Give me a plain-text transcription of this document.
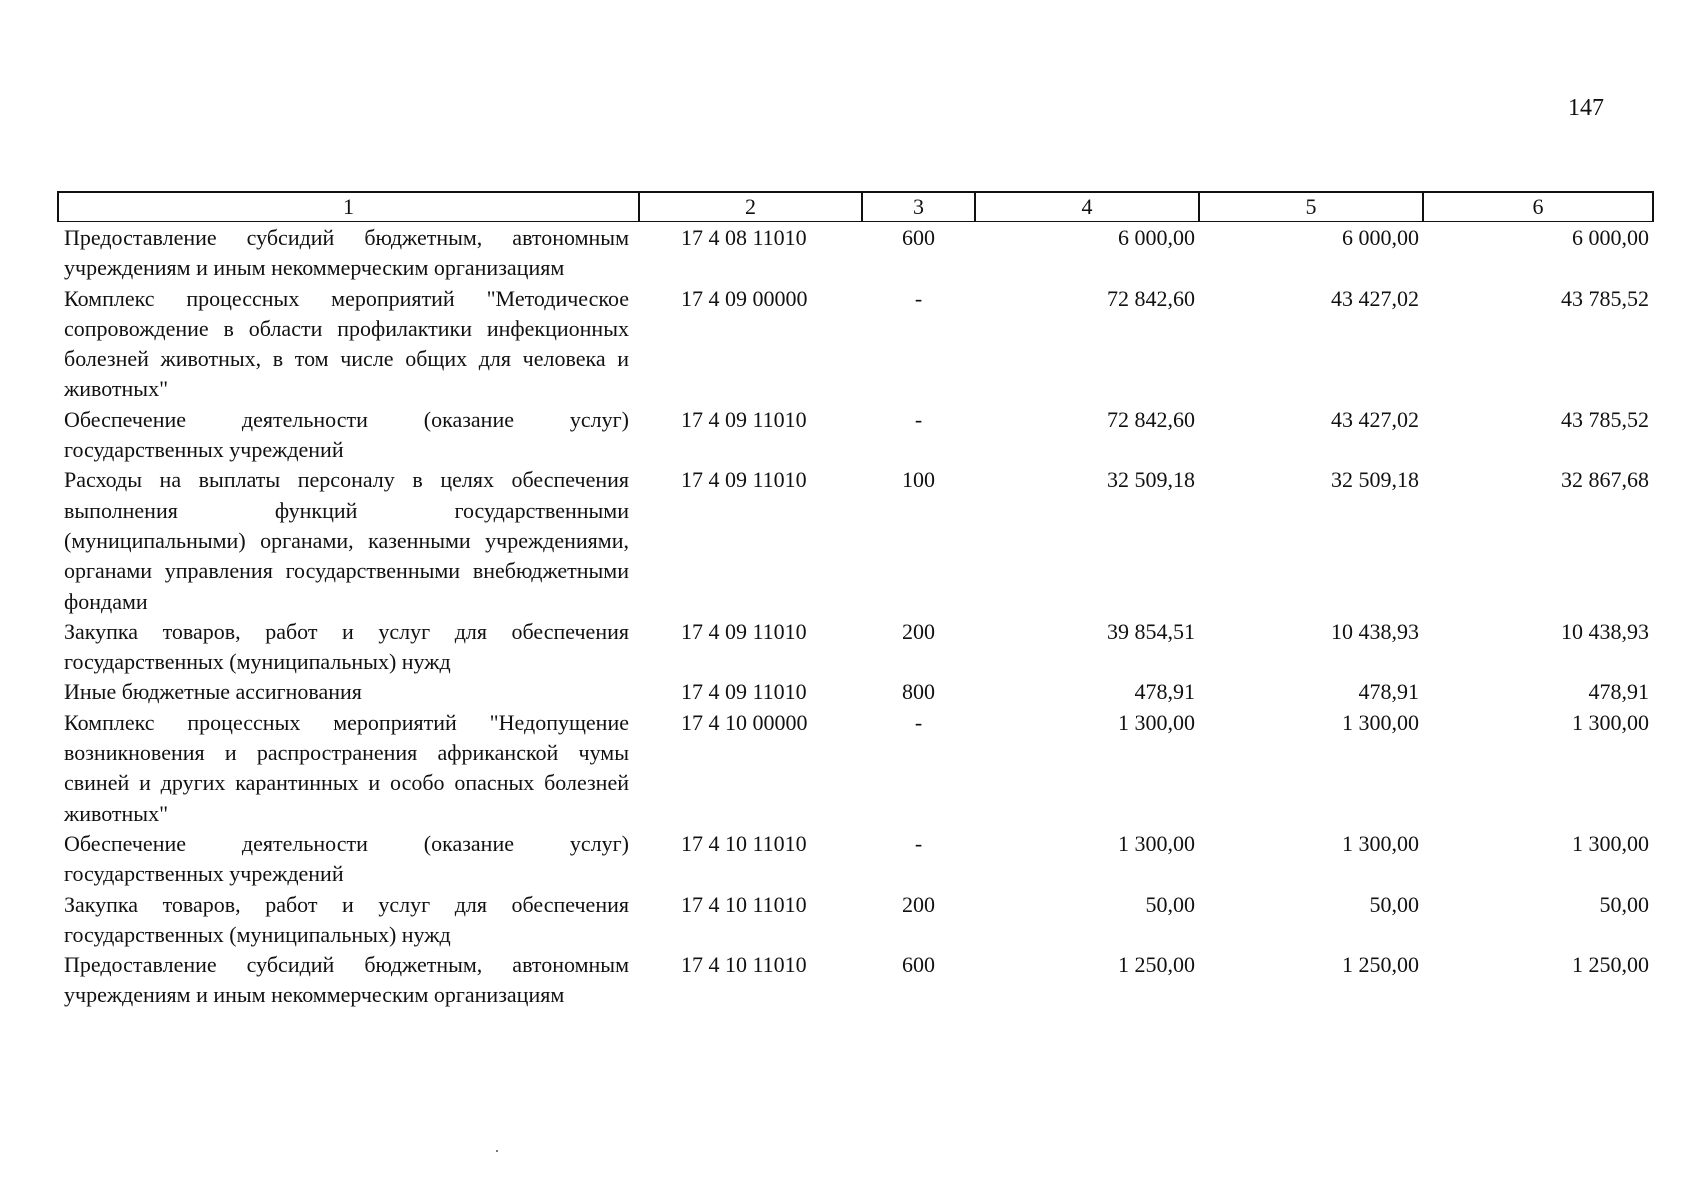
147
1	2	3	4	5	6
Предоставление субсидий бюджетным, автономным учреждениям и иным некоммерческим организациям	17 4 08 11010	600	6 000,00	6 000,00	6 000,00
Комплекс процессных мероприятий "Методическое сопровождение в области профилактики инфекционных болезней животных, в том числе общих для человека и животных"	17 4 09 00000	-	72 842,60	43 427,02	43 785,52
Обеспечение деятельности (оказание услуг) государственных учреждений	17 4 09 11010	-	72 842,60	43 427,02	43 785,52
Расходы на выплаты персоналу в целях обеспечения выполнения функций государственными (муниципальными) органами, казенными учреждениями, органами управления государственными внебюджетными фондами	17 4 09 11010	100	32 509,18	32 509,18	32 867,68
Закупка товаров, работ и услуг для обеспечения государственных (муниципальных) нужд	17 4 09 11010	200	39 854,51	10 438,93	10 438,93
Иные бюджетные ассигнования	17 4 09 11010	800	478,91	478,91	478,91
Комплекс процессных мероприятий "Недопущение возникновения и распространения африканской чумы свиней и других карантинных и особо опасных болезней животных"	17 4 10 00000	-	1 300,00	1 300,00	1 300,00
Обеспечение деятельности (оказание услуг) государственных учреждений	17 4 10 11010	-	1 300,00	1 300,00	1 300,00
Закупка товаров, работ и услуг для обеспечения государственных (муниципальных) нужд	17 4 10 11010	200	50,00	50,00	50,00
Предоставление субсидий бюджетным, автономным учреждениям и иным некоммерческим организациям	17 4 10 11010	600	1 250,00	1 250,00	1 250,00
